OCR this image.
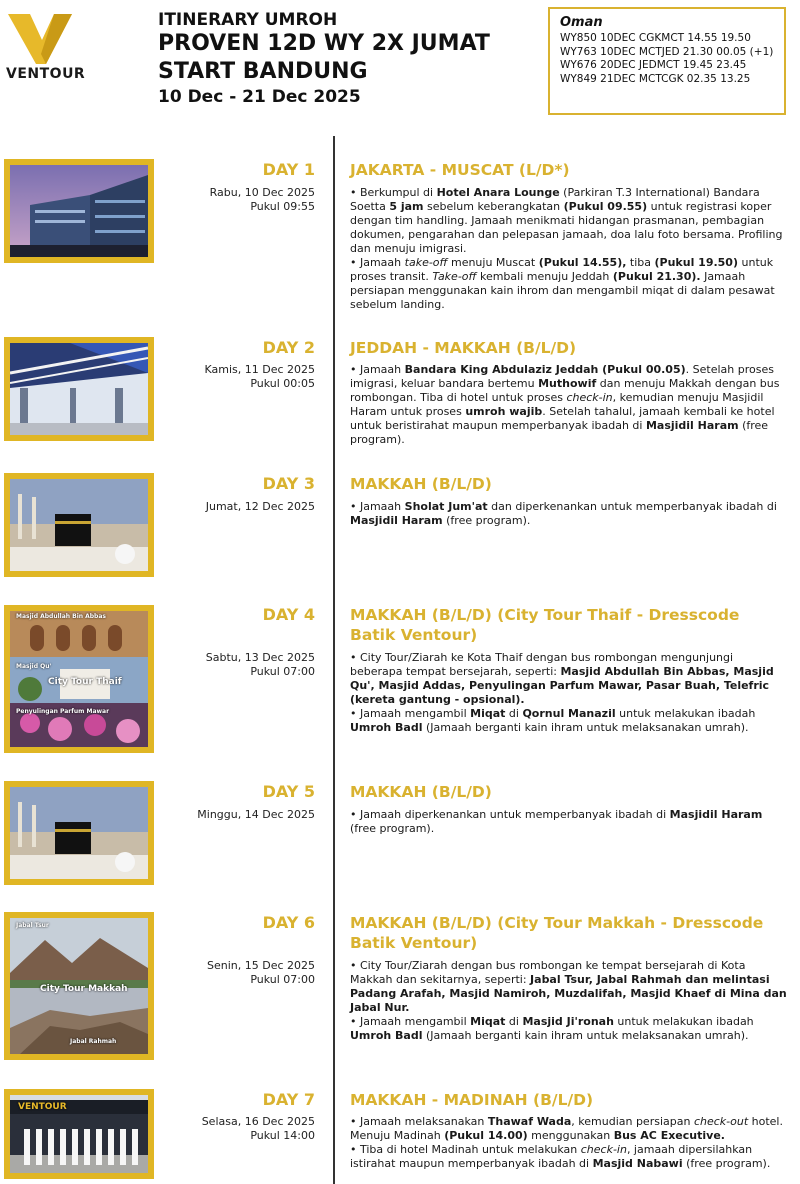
VENTOUR
ITINERARY UMROH
PROVEN 12D WY 2X JUMAT
START BANDUNG
10 Dec - 21 Dec 2025
Oman
WY850 10DEC CGKMCT 14.55 19.50
WY763 10DEC MCTJED 21.30 00.05 (+1)
WY676 20DEC JEDMCT 19.45 23.45
WY849 21DEC MCTCGK 02.35 13.25
DAY 1
Rabu, 10 Dec 2025
Pukul 09:55
JAKARTA - MUSCAT (L/D*)

• Berkumpul di Hotel Anara Lounge (Parkiran T.3 International) Bandara Soetta 5 jam sebelum keberangkatan (Pukul 09.55) untuk registrasi koper dengan tim handling. Jamaah menikmati hidangan prasmanan, pembagian dokumen, pengarahan dan pelepasan jamaah, doa lalu foto bersama. Profiling dan menuju imigrasi.

• Jamaah take-off menuju Muscat (Pukul 14.55), tiba (Pukul 19.50) untuk proses transit. Take-off kembali menuju Jeddah (Pukul 21.30). Jamaah persiapan menggunakan kain ihrom dan mengambil miqat di dalam pesawat sebelum landing.

DAY 2
Kamis, 11 Dec 2025
Pukul 00:05
JEDDAH - MAKKAH (B/L/D)

• Jamaah Bandara King Abdulaziz Jeddah (Pukul 00.05). Setelah proses imigrasi, keluar bandara bertemu Muthowif dan menuju Makkah dengan bus rombongan. Tiba di hotel untuk proses check-in, kemudian menuju Masjidil Haram untuk proses umroh wajib. Setelah tahalul, jamaah kembali ke hotel untuk beristirahat maupun memperbanyak ibadah di Masjidil Haram (free program).

DAY 3
Jumat, 12 Dec 2025
MAKKAH (B/L/D)

• Jamaah Sholat Jum'at dan diperkenankan untuk memperbanyak ibadah di Masjidil Haram (free program).

Masjid Abdullah Bin Abbas
Masjid Qu'
City Tour Thaif
Penyulingan Parfum Mawar
DAY 4
Sabtu, 13 Dec 2025
Pukul 07:00
MAKKAH (B/L/D) (City Tour Thaif - Dresscode Batik Ventour)

• City Tour/Ziarah ke Kota Thaif dengan bus rombongan mengunjungi beberapa tempat bersejarah, seperti: Masjid Abdullah Bin Abbas, Masjid Qu', Masjid Addas, Penyulingan Parfum Mawar, Pasar Buah, Telefric (kereta gantung - opsional).

• Jamaah mengambil Miqat di Qornul Manazil untuk melakukan ibadah Umroh Badl (Jamaah berganti kain ihram untuk melaksanakan umrah).

DAY 5
Minggu, 14 Dec 2025
MAKKAH (B/L/D)

• Jamaah diperkenankan untuk memperbanyak ibadah di Masjidil Haram (free program).

Jabal Tsur
City Tour Makkah
Jabal Rahmah
DAY 6
Senin, 15 Dec 2025
Pukul 07:00
MAKKAH (B/L/D) (City Tour Makkah - Dresscode Batik Ventour)

• City Tour/Ziarah dengan bus rombongan ke tempat bersejarah di Kota Makkah dan sekitarnya, seperti: Jabal Tsur, Jabal Rahmah dan melintasi Padang Arafah, Masjid Namiroh, Muzdalifah, Masjid Khaef di Mina dan Jabal Nur.

• Jamaah mengambil Miqat di Masjid Ji'ronah untuk melakukan ibadah Umroh Badl (Jamaah berganti kain ihram untuk melaksanakan umrah).

VENTOUR	DAY 7
Selasa, 16 Dec 2025
Pukul 14:00
MAKKAH - MADINAH (B/L/D)

• Jamaah melaksanakan Thawaf Wada, kemudian persiapan check-out hotel. Menuju Madinah (Pukul 14.00) menggunakan Bus AC Executive.

• Tiba di hotel Madinah untuk melakukan check-in, jamaah dipersilahkan istirahat maupun memperbanyak ibadah di Masjid Nabawi (free program).
